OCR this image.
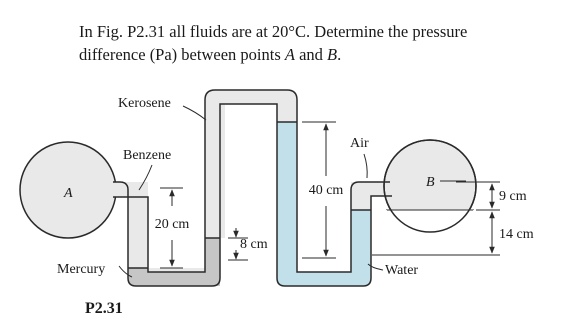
In Fig. P2.31 all fluids are at 20°C. Determine the pressure
difference (Pa) between points A and B.

20 cm
8 cm
40 cm	9 cm
14 cm
Kerosene
Benzene
Air
Mercury	Water
A
B
P2.31
